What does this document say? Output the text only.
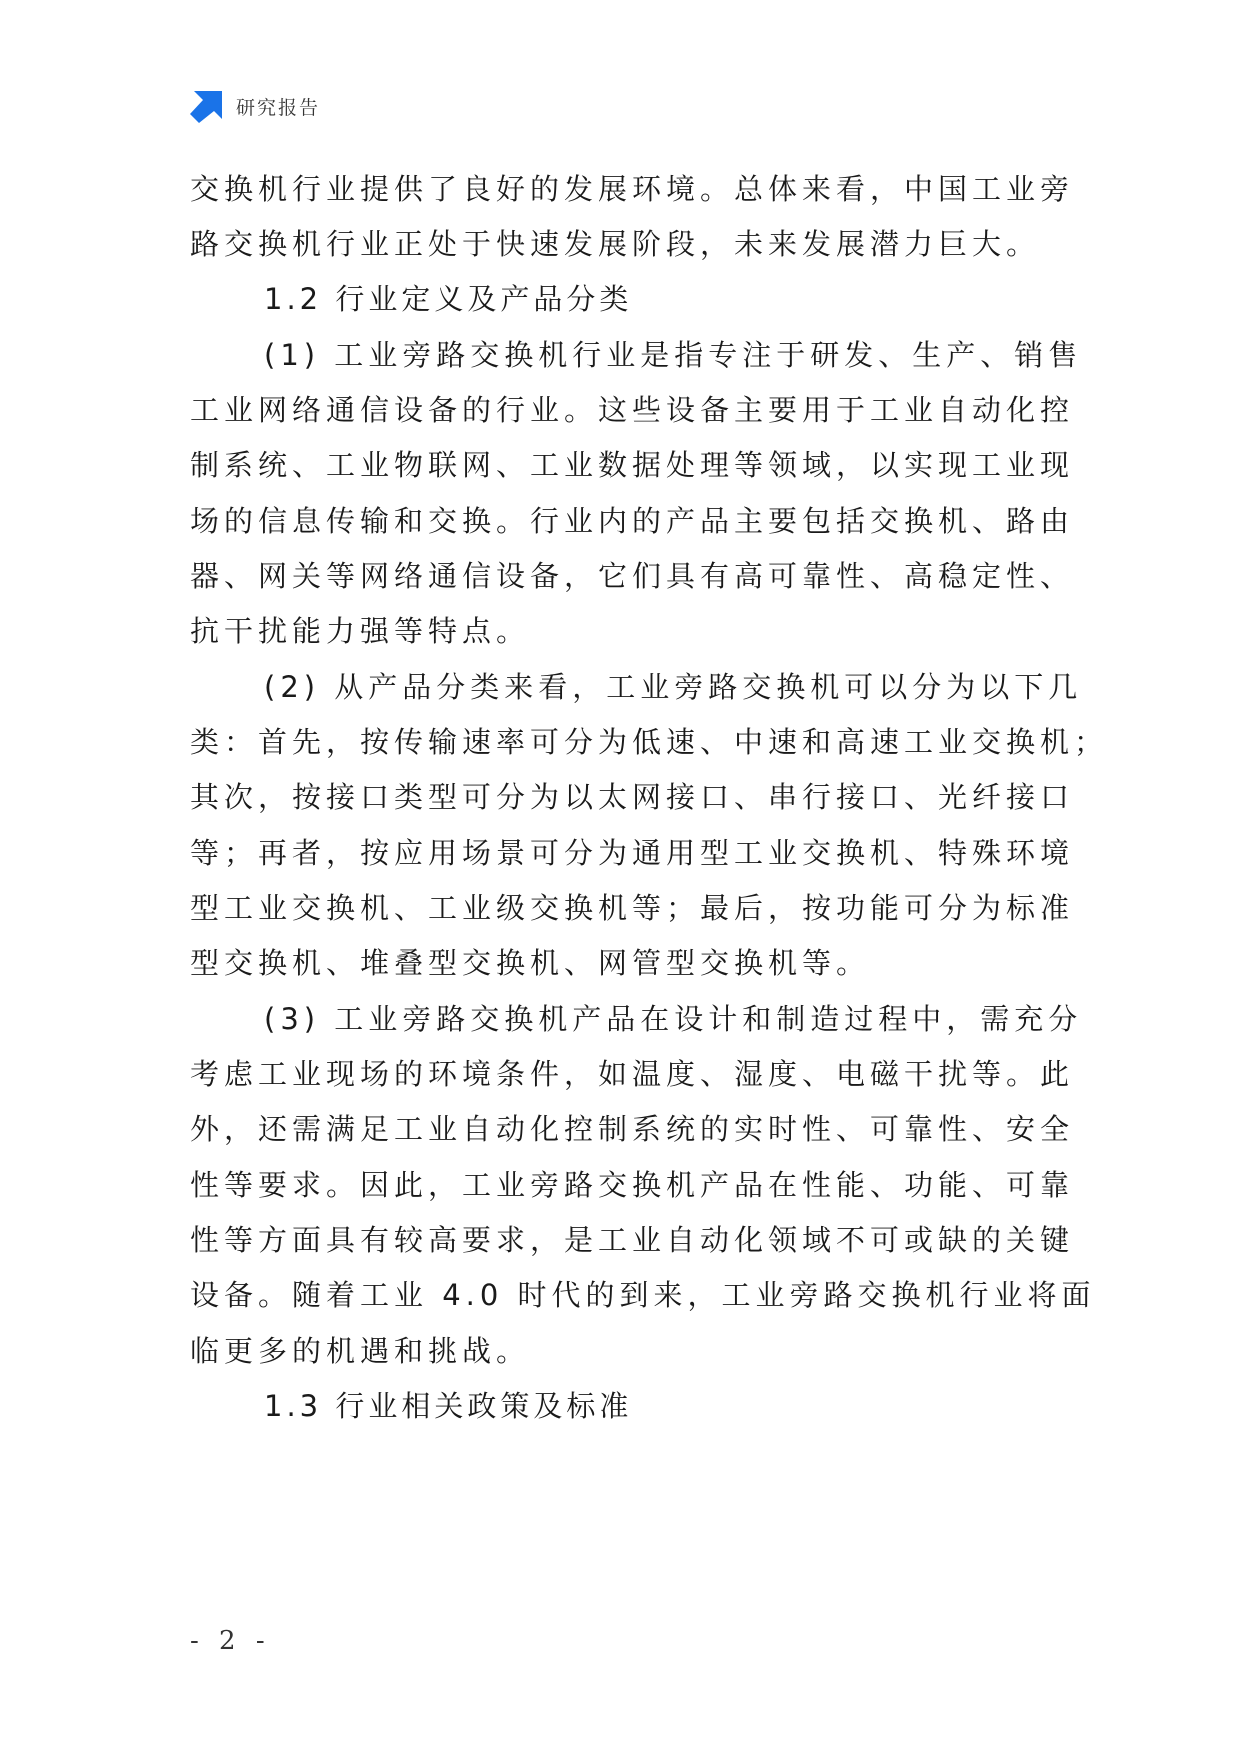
研究报告
交换机行业提供了良好的发展环境。总体来看，中国工业旁
路交换机行业正处于快速发展阶段，未来发展潜力巨大。
1.2 行业定义及产品分类
(1) 工业旁路交换机行业是指专注于研发、生产、销售
工业网络通信设备的行业。这些设备主要用于工业自动化控
制系统、工业物联网、工业数据处理等领域，以实现工业现
场的信息传输和交换。行业内的产品主要包括交换机、路由
器、网关等网络通信设备，它们具有高可靠性、高稳定性、
抗干扰能力强等特点。
(2) 从产品分类来看，工业旁路交换机可以分为以下几
类：首先，按传输速率可分为低速、中速和高速工业交换机；
其次，按接口类型可分为以太网接口、串行接口、光纤接口
等；再者，按应用场景可分为通用型工业交换机、特殊环境
型工业交换机、工业级交换机等；最后，按功能可分为标准
型交换机、堆叠型交换机、网管型交换机等。
(3) 工业旁路交换机产品在设计和制造过程中，需充分
考虑工业现场的环境条件，如温度、湿度、电磁干扰等。此
外，还需满足工业自动化控制系统的实时性、可靠性、安全
性等要求。因此，工业旁路交换机产品在性能、功能、可靠
性等方面具有较高要求，是工业自动化领域不可或缺的关键
设备。随着工业 4.0 时代的到来，工业旁路交换机行业将面
临更多的机遇和挑战。
1.3 行业相关政策及标准
- 2 -
